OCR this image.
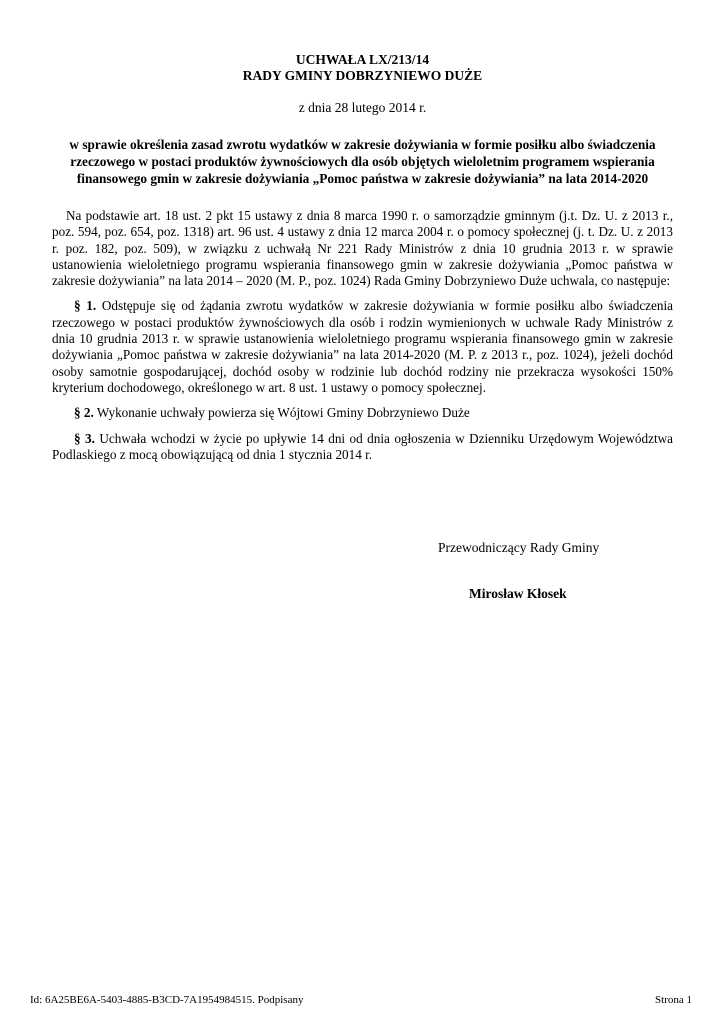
UCHWAŁA LX/213/14
RADY GMINY DOBRZYNIEWO DUŻE
z dnia 28 lutego 2014 r.
w sprawie określenia zasad zwrotu wydatków w zakresie dożywiania w formie posiłku albo świadczenia rzeczowego w postaci produktów żywnościowych dla osób objętych wieloletnim programem wspierania finansowego gmin w zakresie dożywiania „Pomoc państwa w zakresie dożywiania” na lata 2014-2020

Na podstawie art. 18 ust. 2 pkt 15 ustawy z dnia 8 marca 1990 r. o samorządzie gminnym (j.t. Dz. U. z 2013 r., poz. 594, poz. 654, poz. 1318) art. 96 ust. 4 ustawy z dnia 12 marca 2004 r. o pomocy społecznej (j. t. Dz. U. z 2013 r. poz. 182, poz. 509), w związku z uchwałą Nr 221 Rady Ministrów z dnia 10 grudnia 2013 r. w sprawie ustanowienia wieloletniego programu wspierania finansowego gmin w zakresie dożywiania „Pomoc państwa w zakresie dożywiania” na lata 2014 – 2020 (M. P., poz. 1024) Rada Gminy Dobrzyniewo Duże uchwala, co następuje:

§ 1. Odstępuje się od żądania zwrotu wydatków w zakresie dożywiania w formie posiłku albo świadczenia rzeczowego w postaci produktów żywnościowych dla osób i rodzin wymienionych w uchwale Rady Ministrów z dnia 10 grudnia 2013 r. w sprawie ustanowienia wieloletniego programu wspierania finansowego gmin w zakresie dożywiania „Pomoc państwa w zakresie dożywiania” na lata 2014-2020 (M. P. z 2013 r., poz. 1024), jeżeli dochód osoby samotnie gospodarującej, dochód osoby w rodzinie lub dochód rodziny nie przekracza wysokości 150% kryterium dochodowego, określonego w art. 8 ust. 1 ustawy o pomocy społecznej.

§ 2. Wykonanie uchwały powierza się Wójtowi Gminy Dobrzyniewo Duże

§ 3. Uchwała wchodzi w życie po upływie 14 dni od dnia ogłoszenia w Dzienniku Urzędowym Województwa Podlaskiego z mocą obowiązującą od dnia 1 stycznia 2014 r.

Przewodniczący Rady Gminy
Mirosław Kłosek
Id: 6A25BE6A-5403-4885-B3CD-7A1954984515. Podpisany	Strona 1
